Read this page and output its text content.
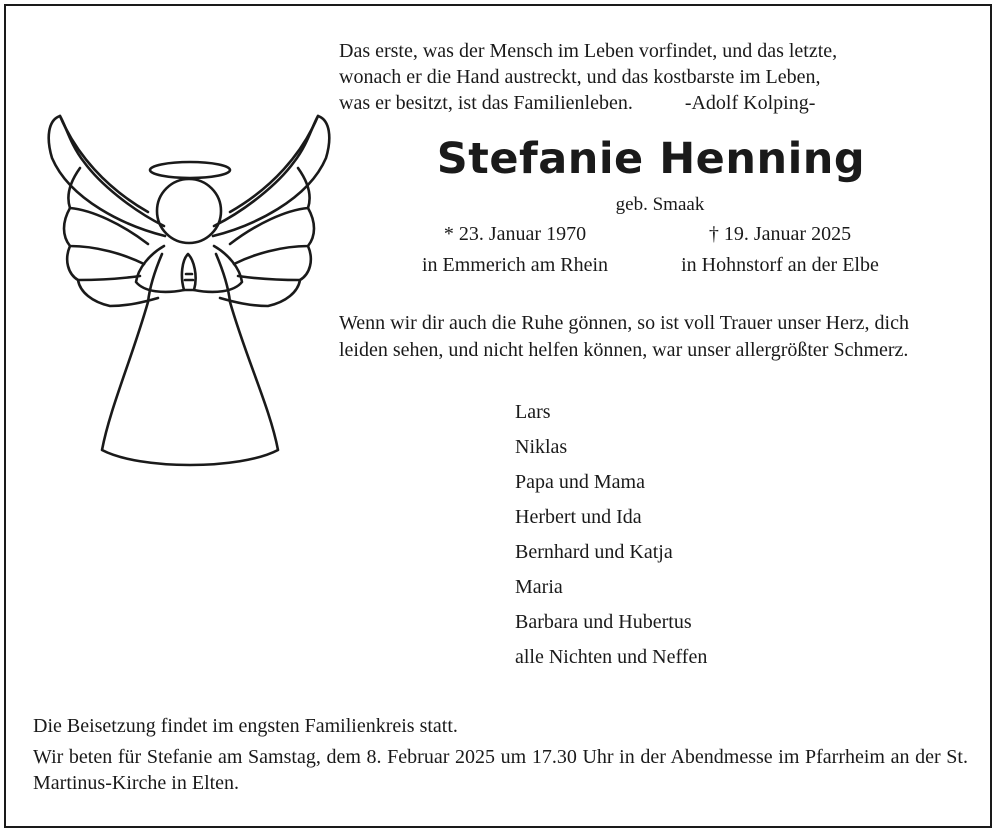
Das erste, was der Mensch im Leben vorfindet, und das letzte,
wonach er die Hand austreckt, und das kostbarste im Leben,
was er besitzt, ist das Familienleben.	-Adolf Kolping-
Stefanie Henning
geb. Smaak
* 23. Januar 1970
in Emmerich am Rhein
† 19. Januar 2025
in Hohnstorf an der Elbe
Wenn wir dir auch die Ruhe gönnen, so ist voll Trauer unser Herz, dich
leiden sehen, und nicht helfen können, war unser allergrößter Schmerz.
Lars
Niklas
Papa und Mama
Herbert und Ida
Bernhard und Katja
Maria
Barbara und Hubertus
alle Nichten und Neffen
Die Beisetzung findet im engsten Familienkreis statt.
Wir beten für Stefanie am Samstag, dem 8. Februar 2025 um 17.30 Uhr in der Abendmesse im Pfarrheim an der St. Martinus-Kirche in Elten.
